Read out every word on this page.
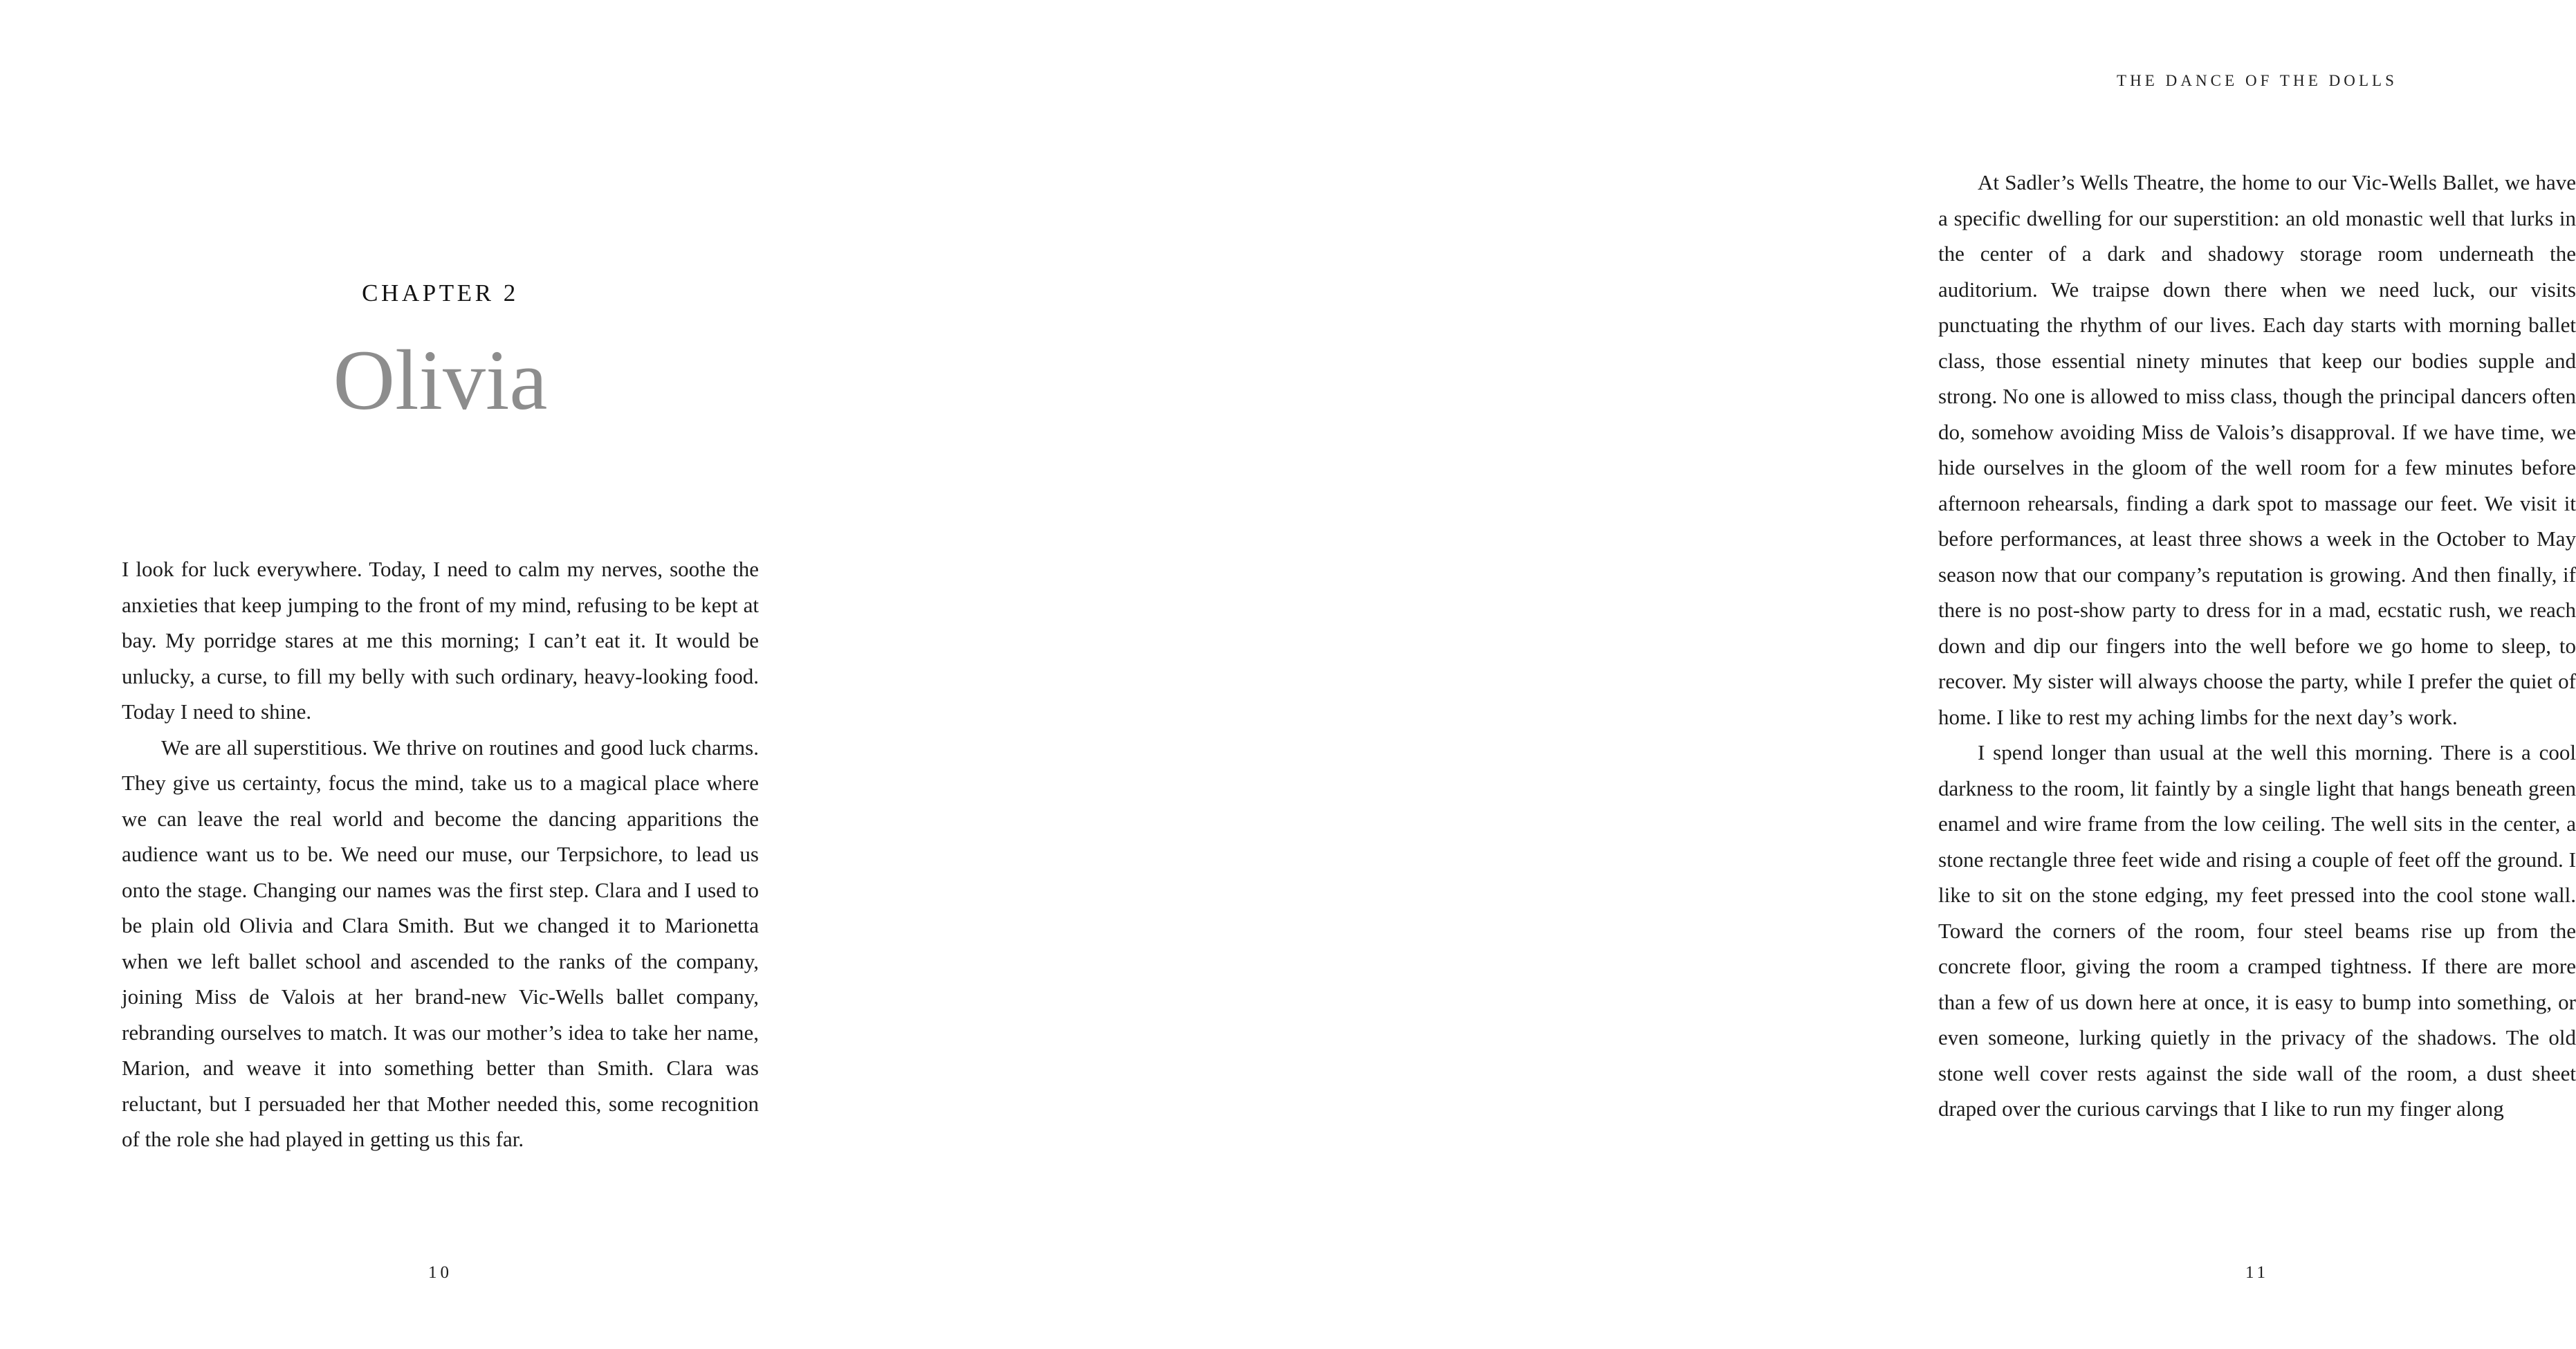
CHAPTER 2
Olivia

I look for luck everywhere. Today, I need to calm my nerves, soothe the anxieties that keep jumping to the front of my mind, refusing to be kept at bay. My porridge stares at me this morning; I can’t eat it. It would be unlucky, a curse, to fill my belly with such ordinary, heavy-looking food. Today I need to shine.

We are all superstitious. We thrive on routines and good luck charms. They give us certainty, focus the mind, take us to a magical place where we can leave the real world and become the dancing apparitions the audience want us to be. We need our muse, our Terpsichore, to lead us onto the stage. Changing our names was the first step. Clara and I used to be plain old Olivia and Clara Smith. But we changed it to Marionetta when we left ballet school and ascended to the ranks of the company, joining Miss de Valois at her brand-new Vic-Wells ballet company, rebranding ourselves to match. It was our mother’s idea to take her name, Marion, and weave it into something better than Smith. Clara was reluctant, but I persuaded her that Mother needed this, some recognition of the role she had played in getting us this far.

10
THE DANCE OF THE DOLLS

At Sadler’s Wells Theatre, the home to our Vic-Wells Ballet, we have a specific dwelling for our superstition: an old monastic well that lurks in the center of a dark and shadowy storage room underneath the auditorium. We traipse down there when we need luck, our visits punctuating the rhythm of our lives. Each day starts with morning ballet class, those essential ninety minutes that keep our bodies supple and strong. No one is allowed to miss class, though the principal dancers often do, somehow avoiding Miss de Valois’s disapproval. If we have time, we hide ourselves in the gloom of the well room for a few minutes before afternoon rehearsals, finding a dark spot to massage our feet. We visit it before performances, at least three shows a week in the October to May season now that our company’s reputation is growing. And then finally, if there is no post-show party to dress for in a mad, ecstatic rush, we reach down and dip our fingers into the well before we go home to sleep, to recover. My sister will always choose the party, while I prefer the quiet of home. I like to rest my aching limbs for the next day’s work.

I spend longer than usual at the well this morning. There is a cool darkness to the room, lit faintly by a single light that hangs beneath green enamel and wire frame from the low ceiling. The well sits in the center, a stone rectangle three feet wide and rising a couple of feet off the ground. I like to sit on the stone edging, my feet pressed into the cool stone wall. Toward the corners of the room, four steel beams rise up from the concrete floor, giving the room a cramped tightness. If there are more than a few of us down here at once, it is easy to bump into something, or even someone, lurking quietly in the privacy of the shadows. The old stone well cover rests against the side wall of the room, a dust sheet draped over the curious carvings that I like to run my finger along

11
